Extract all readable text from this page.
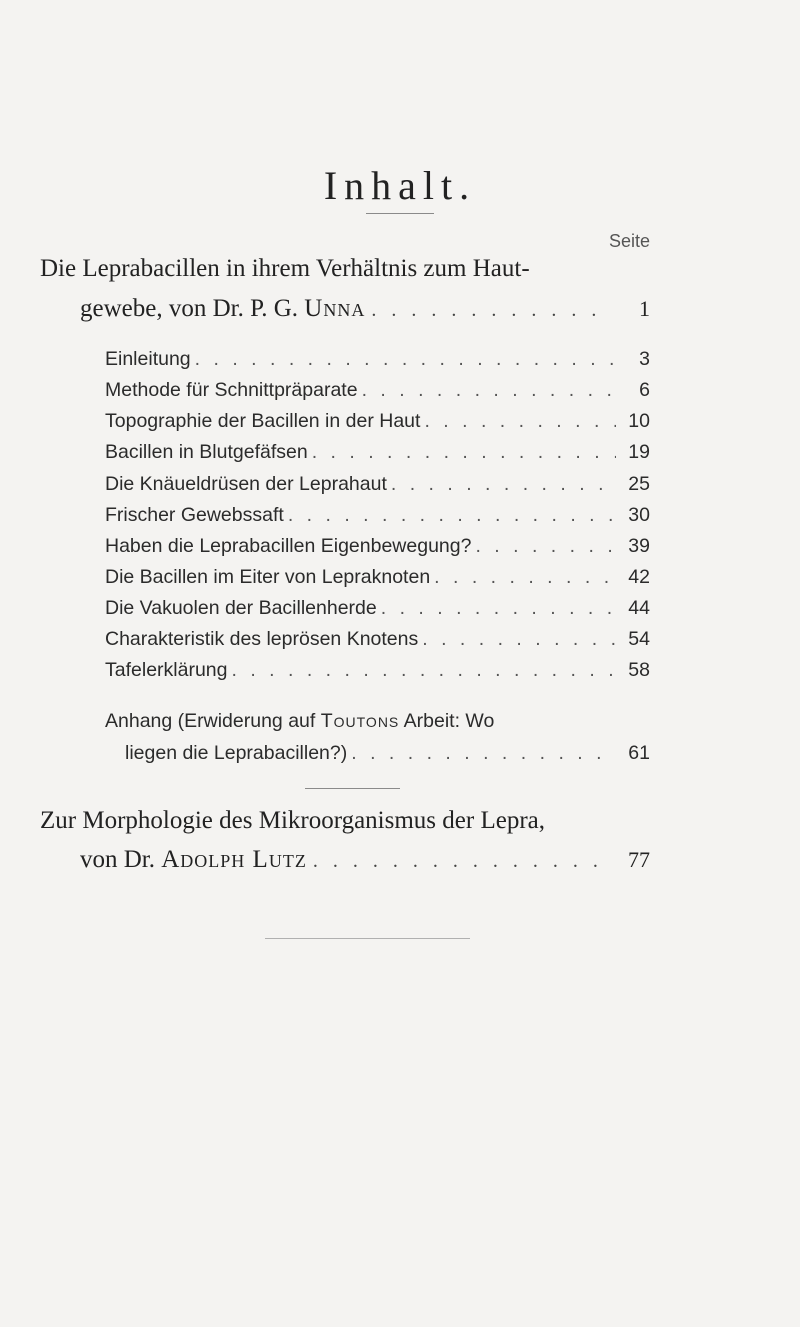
Inhalt.
Seite
Die Leprabacillen in ihrem Verhältnis zum Haut-
gewebe, von Dr. P. G. Unna . . .	1
Einleitung . . .	3
Methode für Schnittpräparate . . .	6
Topographie der Bacillen in der Haut . . .	10
Bacillen in Blutgefäfsen . . .	19
Die Knäueldrüsen der Leprahaut . . .	25
Frischer Gewebssaft . . .	30
Haben die Leprabacillen Eigenbewegung? . . .	39
Die Bacillen im Eiter von Lepraknoten . . .	42
Die Vakuolen der Bacillenherde . . .	44
Charakteristik des leprösen Knotens . . .	54
Tafelerklärung . . .	58
Anhang (Erwiderung auf Toutons Arbeit: Wo
liegen die Leprabacillen?) . . .	61
Zur Morphologie des Mikroorganismus der Lepra,
von Dr. Adolph Lutz . . .	77
